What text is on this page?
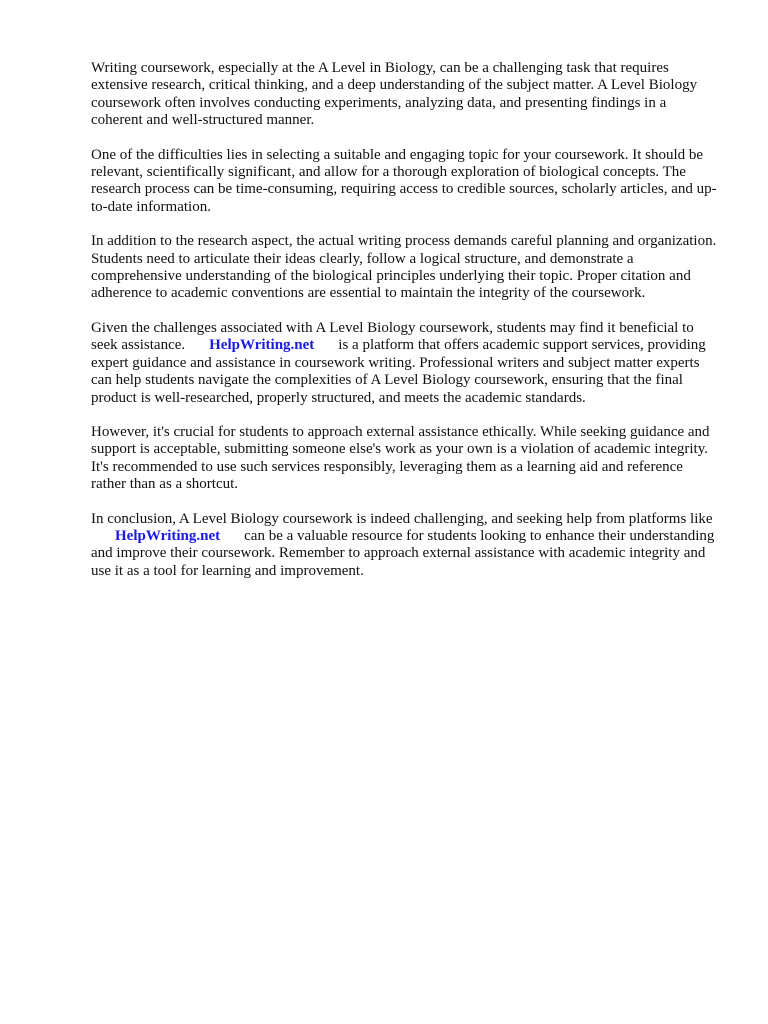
Writing coursework, especially at the A Level in Biology, can be a challenging task that requires extensive research, critical thinking, and a deep understanding of the subject matter. A Level Biology coursework often involves conducting experiments, analyzing data, and presenting findings in a coherent and well-structured manner.

One of the difficulties lies in selecting a suitable and engaging topic for your coursework. It should be relevant, scientifically significant, and allow for a thorough exploration of biological concepts. The research process can be time-consuming, requiring access to credible sources, scholarly articles, and up-to-date information.

In addition to the research aspect, the actual writing process demands careful planning and organization. Students need to articulate their ideas clearly, follow a logical structure, and demonstrate a comprehensive understanding of the biological principles underlying their topic. Proper citation and adherence to academic conventions are essential to maintain the integrity of the coursework.

Given the challenges associated with A Level Biology coursework, students may find it beneficial to seek assistance. HelpWriting.net is a platform that offers academic support services, providing expert guidance and assistance in coursework writing. Professional writers and subject matter experts can help students navigate the complexities of A Level Biology coursework, ensuring that the final product is well-researched, properly structured, and meets the academic standards.

However, it's crucial for students to approach external assistance ethically. While seeking guidance and support is acceptable, submitting someone else's work as your own is a violation of academic integrity. It's recommended to use such services responsibly, leveraging them as a learning aid and reference rather than as a shortcut.

In conclusion, A Level Biology coursework is indeed challenging, and seeking help from platforms likeHelpWriting.net can be a valuable resource for students looking to enhance their understanding and improve their coursework. Remember to approach external assistance with academic integrity and use it as a tool for learning and improvement.
